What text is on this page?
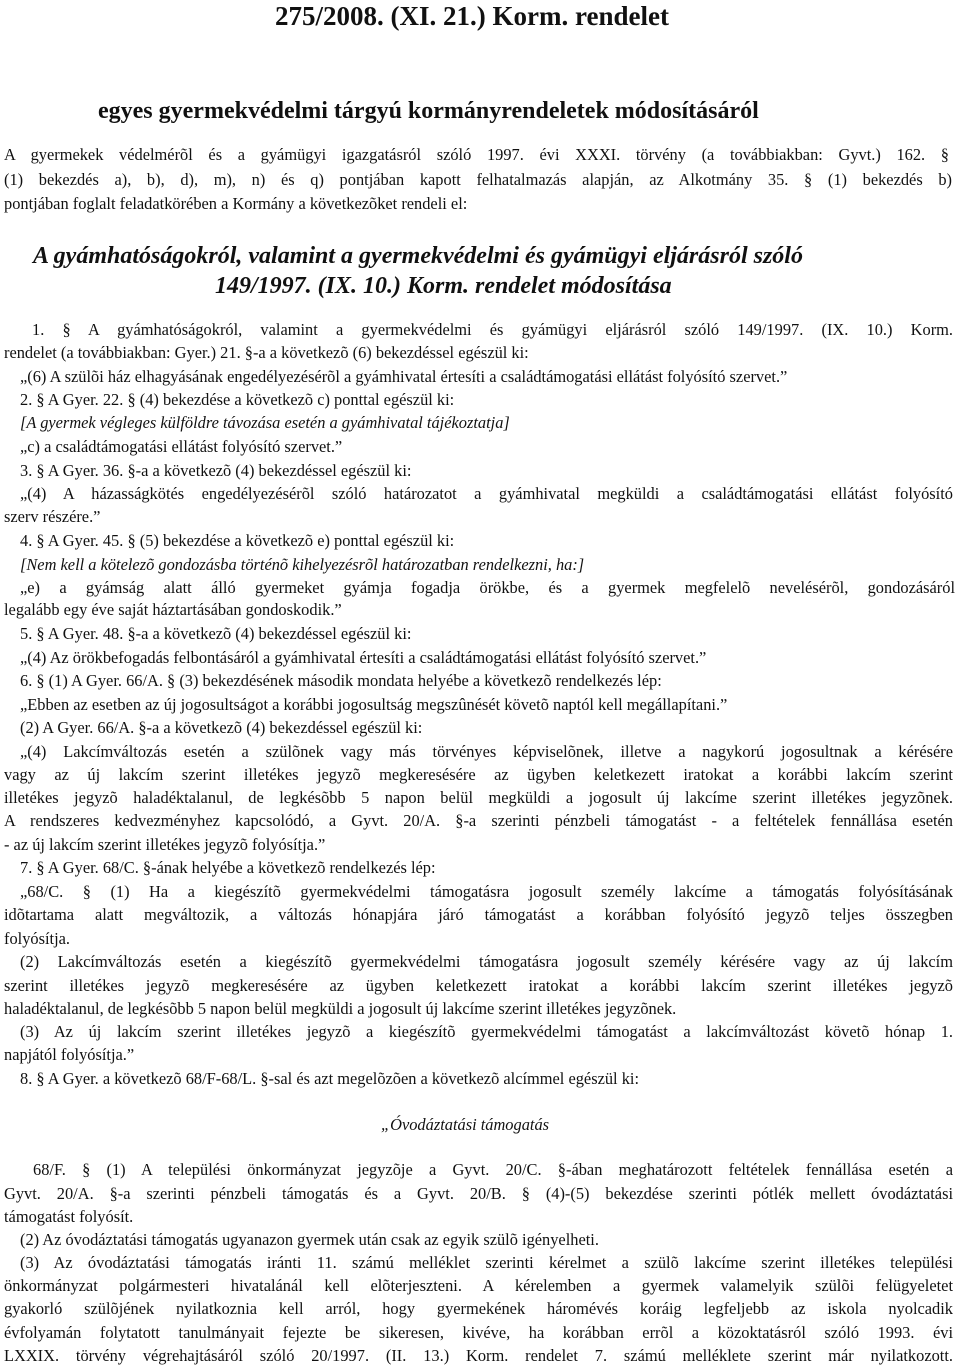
275/2008. (XI. 21.) Korm. rendelet
egyes gyermekvédelmi tárgyú kormányrendeletek módosításáról
A gyermekek védelmérõl és a gyámügyi igazgatásról szóló 1997. évi XXXI. törvény (a továbbiakban: Gyvt.) 162. §
(1) bekezdés a), b), d), m), n) és q) pontjában kapott felhatalmazás alapján, az Alkotmány 35. § (1) bekezdés b)
pontjában foglalt feladatkörében a Kormány a következõket rendeli el:
A gyámhatóságokról, valamint a gyermekvédelmi és gyámügyi eljárásról szóló
149/1997. (IX. 10.) Korm. rendelet módosítása
1. § A gyámhatóságokról, valamint a gyermekvédelmi és gyámügyi eljárásról szóló 149/1997. (IX. 10.) Korm.
rendelet (a továbbiakban: Gyer.) 21. §-a a következõ (6) bekezdéssel egészül ki:
„(6) A szülõi ház elhagyásának engedélyezésérõl a gyámhivatal értesíti a családtámogatási ellátást folyósító szervet.”
2. § A Gyer. 22. § (4) bekezdése a következõ c) ponttal egészül ki:
[A gyermek végleges külföldre távozása esetén a gyámhivatal tájékoztatja]
„c) a családtámogatási ellátást folyósító szervet.”
3. § A Gyer. 36. §-a a következõ (4) bekezdéssel egészül ki:
„(4) A házasságkötés engedélyezésérõl szóló határozatot a gyámhivatal megküldi a családtámogatási ellátást folyósító
szerv részére.”
4. § A Gyer. 45. § (5) bekezdése a következõ e) ponttal egészül ki:
[Nem kell a kötelezõ gondozásba történõ kihelyezésrõl határozatban rendelkezni, ha:]
„e) a gyámság alatt álló gyermeket gyámja fogadja örökbe, és a gyermek megfelelõ nevelésérõl, gondozásáról
legalább egy éve saját háztartásában gondoskodik.”
5. § A Gyer. 48. §-a a következõ (4) bekezdéssel egészül ki:
„(4) Az örökbefogadás felbontásáról a gyámhivatal értesíti a családtámogatási ellátást folyósító szervet.”
6. § (1) A Gyer. 66/A. § (3) bekezdésének második mondata helyébe a következõ rendelkezés lép:
„Ebben az esetben az új jogosultságot a korábbi jogosultság megszûnését követõ naptól kell megállapítani.”
(2) A Gyer. 66/A. §-a a következõ (4) bekezdéssel egészül ki:
„(4) Lakcímváltozás esetén a szülõnek vagy más törvényes képviselõnek, illetve a nagykorú jogosultnak a kérésére
vagy az új lakcím szerint illetékes jegyzõ megkeresésére az ügyben keletkezett iratokat a korábbi lakcím szerint
illetékes jegyzõ haladéktalanul, de legkésõbb 5 napon belül megküldi a jogosult új lakcíme szerint illetékes jegyzõnek.
A rendszeres kedvezményhez kapcsolódó, a Gyvt. 20/A. §-a szerinti pénzbeli támogatást - a feltételek fennállása esetén
- az új lakcím szerint illetékes jegyzõ folyósítja.”
7. § A Gyer. 68/C. §-ának helyébe a következõ rendelkezés lép:
„68/C. § (1) Ha a kiegészítõ gyermekvédelmi támogatásra jogosult személy lakcíme a támogatás folyósításának
idõtartama alatt megváltozik, a változás hónapjára járó támogatást a korábban folyósító jegyzõ teljes összegben
folyósítja.
(2) Lakcímváltozás esetén a kiegészítõ gyermekvédelmi támogatásra jogosult személy kérésére vagy az új lakcím
szerint illetékes jegyzõ megkeresésére az ügyben keletkezett iratokat a korábbi lakcím szerint illetékes jegyzõ
haladéktalanul, de legkésõbb 5 napon belül megküldi a jogosult új lakcíme szerint illetékes jegyzõnek.
(3) Az új lakcím szerint illetékes jegyzõ a kiegészítõ gyermekvédelmi támogatást a lakcímváltozást követõ hónap 1.
napjától folyósítja.”
8. § A Gyer. a következõ 68/F-68/L. §-sal és azt megelõzõen a következõ alcímmel egészül ki:
„Óvodáztatási támogatás
68/F. § (1) A települési önkormányzat jegyzõje a Gyvt. 20/C. §-ában meghatározott feltételek fennállása esetén a
Gyvt. 20/A. §-a szerinti pénzbeli támogatás és a Gyvt. 20/B. § (4)-(5) bekezdése szerinti pótlék mellett óvodáztatási
támogatást folyósít.
(2) Az óvodáztatási támogatás ugyanazon gyermek után csak az egyik szülõ igényelheti.
(3) Az óvodáztatási támogatás iránti 11. számú melléklet szerinti kérelmet a szülõ lakcíme szerint illetékes települési
önkormányzat polgármesteri hivatalánál kell elõterjeszteni. A kérelemben a gyermek valamelyik szülõi felügyeletet
gyakorló szülõjének nyilatkoznia kell arról, hogy gyermekének háromévés koráig legfeljebb az iskola nyolcadik
évfolyamán folytatott tanulmányait fejezte be sikeresen, kivéve, ha korábban errõl a közoktatásról szóló 1993. évi
LXXIX. törvény végrehajtásáról szóló 20/1997. (II. 13.) Korm. rendelet 7. számú melléklete szerint már nyilatkozott.
